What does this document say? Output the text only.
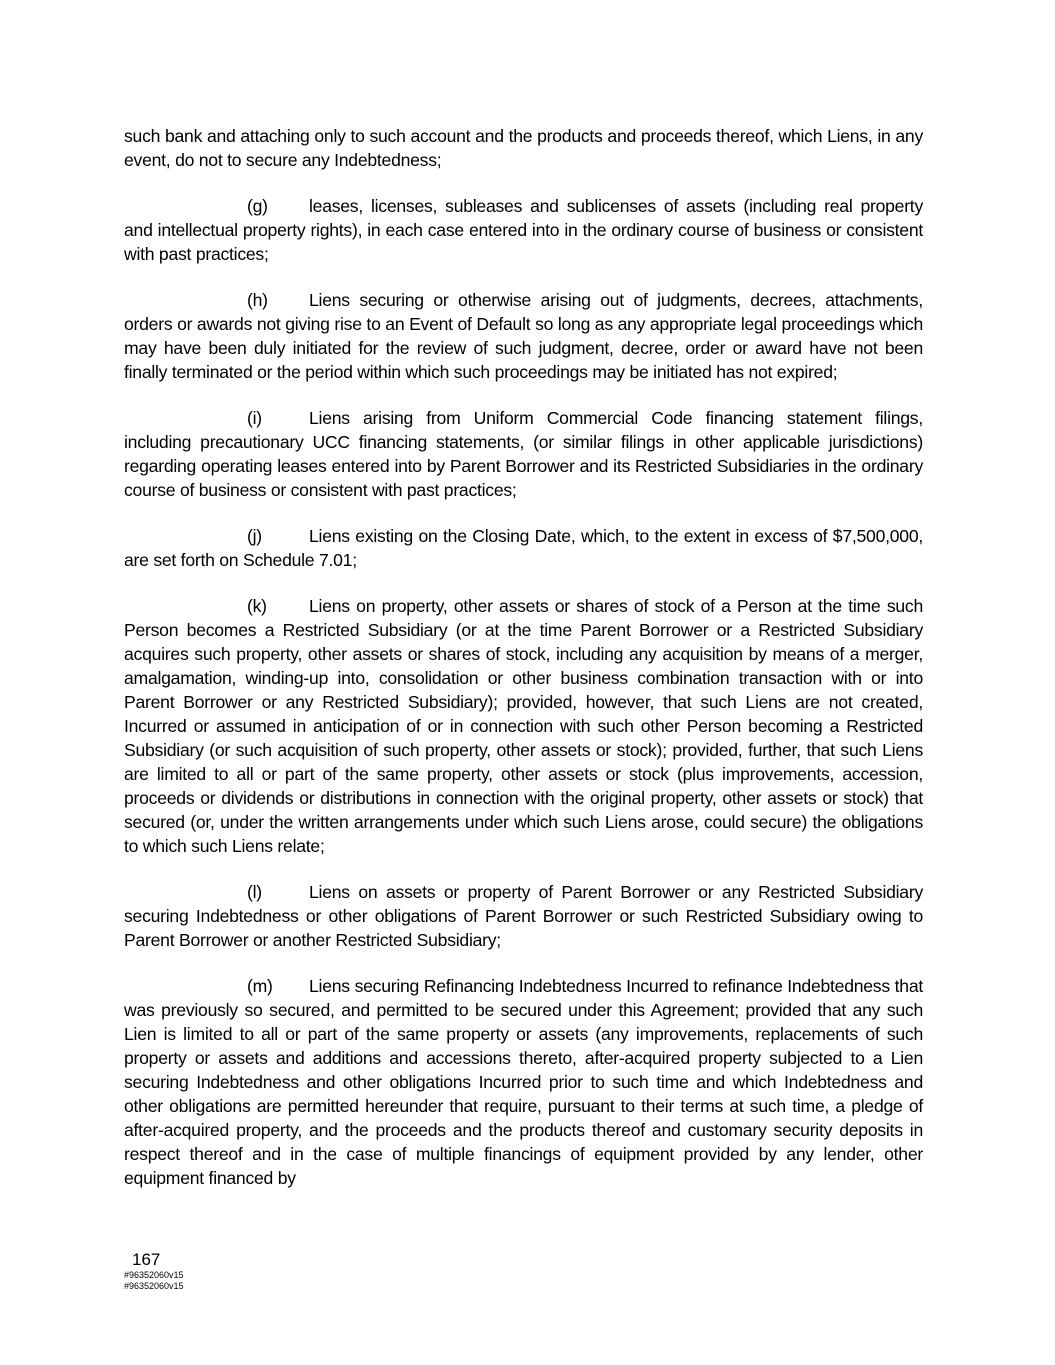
such bank and attaching only to such account and the products and proceeds thereof, which Liens, in any event, do not to secure any Indebtedness;

(g) leases, licenses, subleases and sublicenses of assets (including real property and intellectual property rights), in each case entered into in the ordinary course of business or consistent with past practices;

(h) Liens securing or otherwise arising out of judgments, decrees, attachments, orders or awards not giving rise to an Event of Default so long as any appropriate legal proceedings which may have been duly initiated for the review of such judgment, decree, order or award have not been finally terminated or the period within which such proceedings may be initiated has not expired;

(i)	Liens arising from Uniform Commercial Code financing statement filings, including precautionary UCC financing statements, (or similar filings in other applicable jurisdictions) regarding operating leases entered into by Parent Borrower and its Restricted Subsidiaries in the ordinary course of business or consistent with past practices;

(j)	Liens existing on the Closing Date, which, to the extent in excess of $7,500,000, are set forth on Schedule 7.01;

(k) Liens on property, other assets or shares of stock of a Person at the time such Person becomes a Restricted Subsidiary (or at the time Parent Borrower or a Restricted Subsidiary acquires such property, other assets or shares of stock, including any acquisition by means of a merger, amalgamation, winding-up into, consolidation or other business combination transaction with or into Parent Borrower or any Restricted Subsidiary); provided, however, that such Liens are not created, Incurred or assumed in anticipation of or in connection with such other Person becoming a Restricted Subsidiary (or such acquisition of such property, other assets or stock); provided, further, that such Liens are limited to all or part of the same property, other assets or stock (plus improvements, accession, proceeds or dividends or distributions in connection with the original property, other assets or stock) that secured (or, under the written arrangements under which such Liens arose, could secure) the obligations to which such Liens relate;

(l)	Liens on assets or property of Parent Borrower or any Restricted Subsidiary securing Indebtedness or other obligations of Parent Borrower or such Restricted Subsidiary owing to Parent Borrower or another Restricted Subsidiary;

(m) Liens securing Refinancing Indebtedness Incurred to refinance Indebtedness that was previously so secured, and permitted to be secured under this Agreement; provided that any such Lien is limited to all or part of the same property or assets (any improvements, replacements of such property or assets and additions and accessions thereto, after-acquired property subjected to a Lien securing Indebtedness and other obligations Incurred prior to such time and which Indebtedness and other obligations are permitted hereunder that require, pursuant to their terms at such time, a pledge of after-acquired property, and the proceeds and the products thereof and customary security deposits in respect thereof and in the case of multiple financings of equipment provided by any lender, other equipment financed by

167
#96352060v15
#96352060v15
